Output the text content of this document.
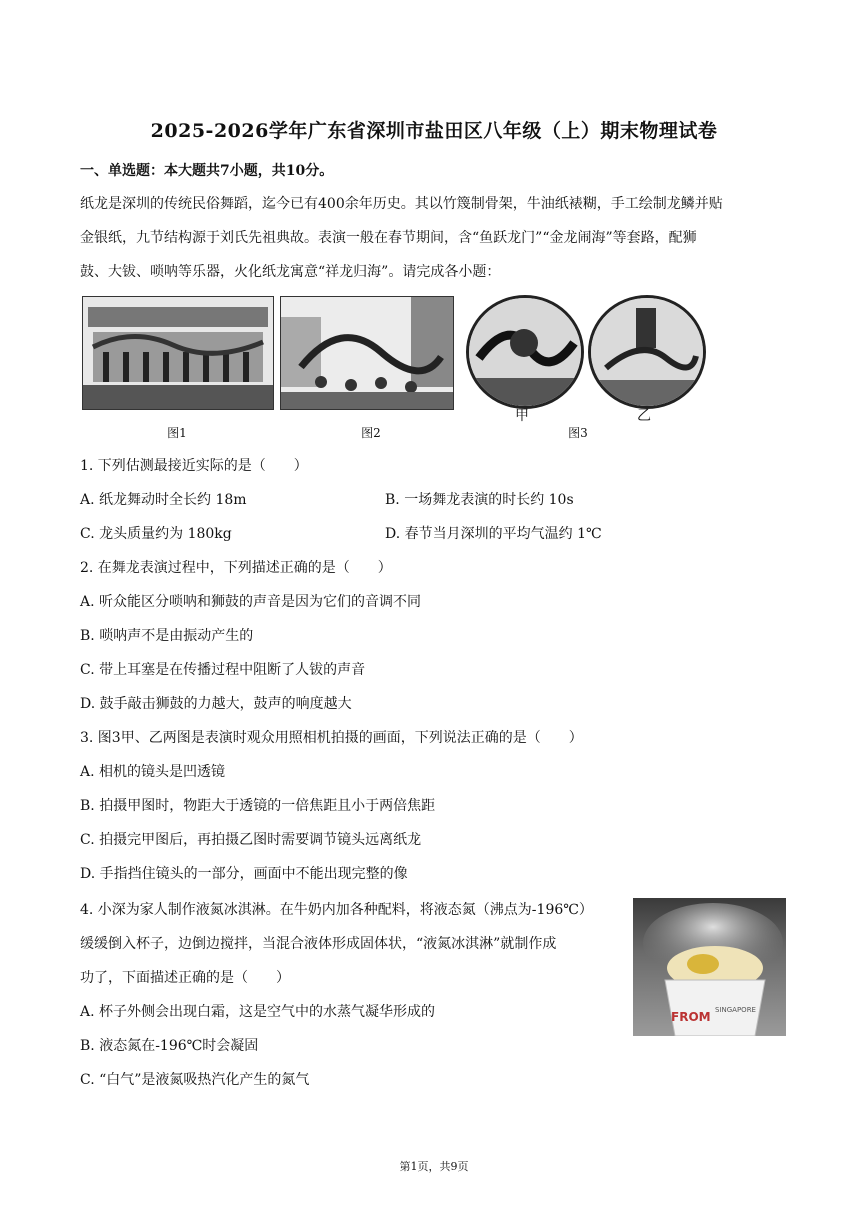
2025-2026学年广东省深圳市盐田区八年级（上）期末物理试卷
一、单选题：本大题共7小题，共10分。
纸龙是深圳的传统民俗舞蹈，迄今已有400余年历史。其以竹篾制骨架，牛油纸裱糊，手工绘制龙鳞并贴
金银纸，九节结构源于刘氏先祖典故。表演一般在春节期间，含“鱼跃龙门”“金龙闹海”等套路，配狮
鼓、大钹、唢呐等乐器，火化纸龙寓意“祥龙归海”。请完成各小题：
图1	图2
甲	乙
图3
1. 下列估测最接近实际的是（　　）
A. 纸龙舞动时全长约 18m	B. 一场舞龙表演的时长约 10s
C. 龙头质量约为 180kg	D. 春节当月深圳的平均气温约 1℃
2. 在舞龙表演过程中，下列描述正确的是（　　）
A. 听众能区分唢呐和狮鼓的声音是因为它们的音调不同
B. 唢呐声不是由振动产生的
C. 带上耳塞是在传播过程中阻断了人钹的声音
D. 鼓手敲击狮鼓的力越大，鼓声的响度越大
3. 图3甲、乙两图是表演时观众用照相机拍摄的画面，下列说法正确的是（　　）
A. 相机的镜头是凹透镜
B. 拍摄甲图时，物距大于透镜的一倍焦距且小于两倍焦距
C. 拍摄完甲图后，再拍摄乙图时需要调节镜头远离纸龙
D. 手指挡住镜头的一部分，画面中不能出现完整的像
4. 小深为家人制作液氮冰淇淋。在牛奶内加各种配料，将液态氮（沸点为-196℃）
缓缓倒入杯子，边倒边搅拌，当混合液体形成固体状，“液氮冰淇淋”就制作成
功了，下面描述正确的是（　　）
A. 杯子外侧会出现白霜，这是空气中的水蒸气凝华形成的
B. 液态氮在-196℃时会凝固
C. “白气”是液氮吸热汽化产生的氮气
FROM SINGAPORE
第1页，共9页
